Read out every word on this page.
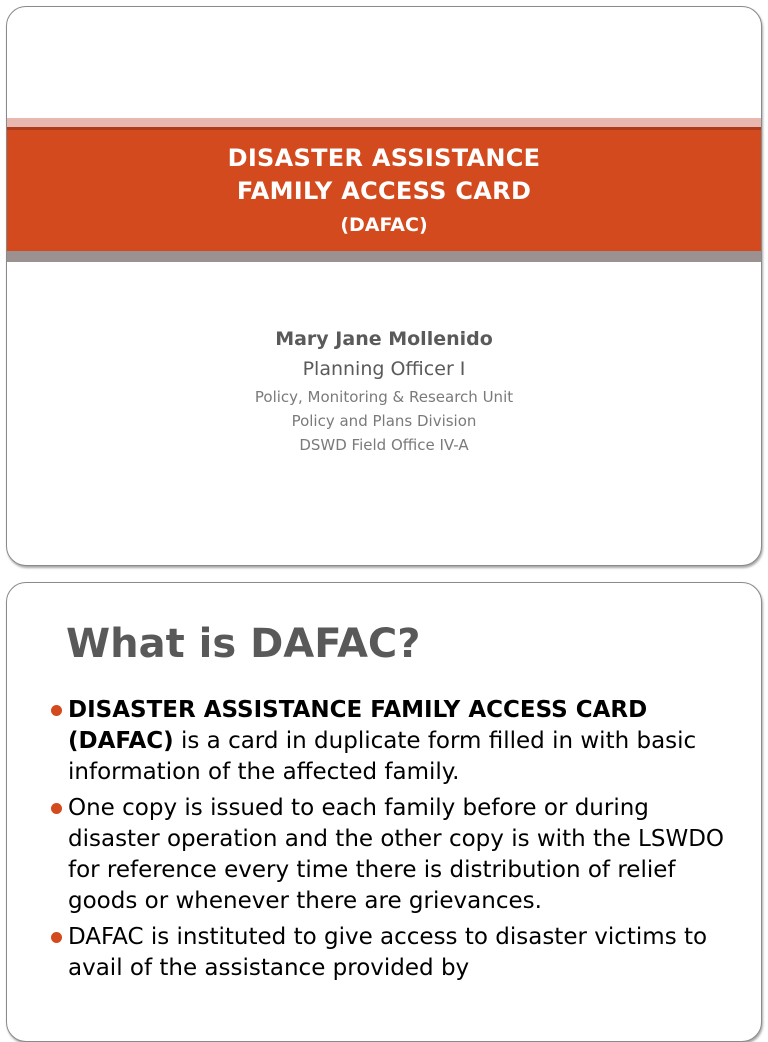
DISASTER ASSISTANCE
FAMILY ACCESS CARD
(DAFAC)
Mary Jane Mollenido
Planning Officer I
Policy, Monitoring & Research Unit
Policy and Plans Division
DSWD Field Office IV-A
What is DAFAC?
DISASTER ASSISTANCE FAMILY ACCESS CARD (DAFAC) is a card in duplicate form filled in with basic information of the affected family.
One copy is issued to each family before or during disaster operation and the other copy is with the LSWDO for reference every time there is distribution of relief goods or whenever there are grievances.
DAFAC is instituted to give access to disaster victims to avail of the assistance provided by
